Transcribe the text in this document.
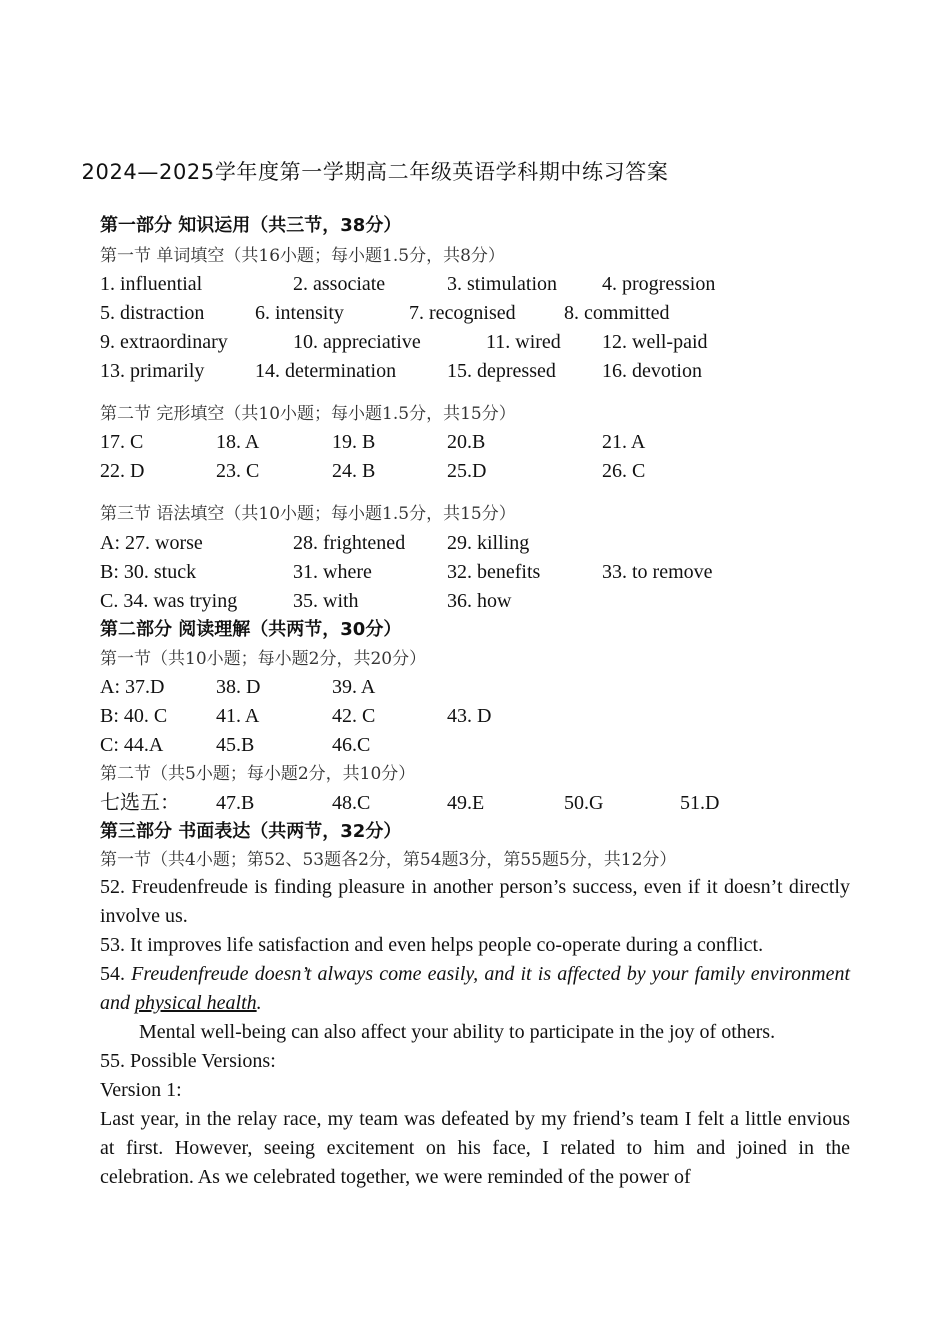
2024—2025学年度第一学期高二年级英语学科期中练习答案
第一部分 知识运用（共三节，38分）
第一节 单词填空（共16小题；每小题1.5分，共8分）
1. influential	2. associate	3. stimulation 4. progression
5. distraction	6. intensity	7. recognised 8. committed
9. extraordinary	10. appreciative	11. wired 12. well-paid
13. primarily	14. determination	15. depressed 16. devotion
第二节 完形填空（共10小题；每小题1.5分，共15分）
17. C	18. A	19. B	20.B	21. A
22. D	23. C	24. B	25.D	26. C
第三节 语法填空（共10小题；每小题1.5分，共15分）
A: 27. worse	28. frightened 29. killing
B: 30. stuck	31. where	32. benefits	33. to remove
C. 34. was trying	35. with	36. how
第二部分 阅读理解（共两节，30分）
第一节（共10小题；每小题2分，共20分）
A: 37.D	38. D	39. A
B: 40. C 41. A	42. C	43. D
C: 44.A	45.B	46.C
第二节（共5小题；每小题2分，共10分）
七选五： 47.B	48.C	49.E	50.G	51.D
第三部分 书面表达（共两节，32分）
第一节（共4小题；第52、53题各2分，第54题3分，第55题5分，共12分）
52. Freudenfreude is finding pleasure in another person’s success, even if it doesn’t directly involve us.
53. It improves life satisfaction and even helps people co-operate during a conflict.
54. Freudenfreude doesn’t always come easily, and it is affected by your family environment and physical health.
Mental well-being can also affect your ability to participate in the joy of others.
55. Possible Versions:
Version 1:
Last year, in the relay race, my team was defeated by my friend’s team I felt a little envious at first. However, seeing excitement on his face, I related to him and joined in the celebration. As we celebrated together, we were reminded of the power of
